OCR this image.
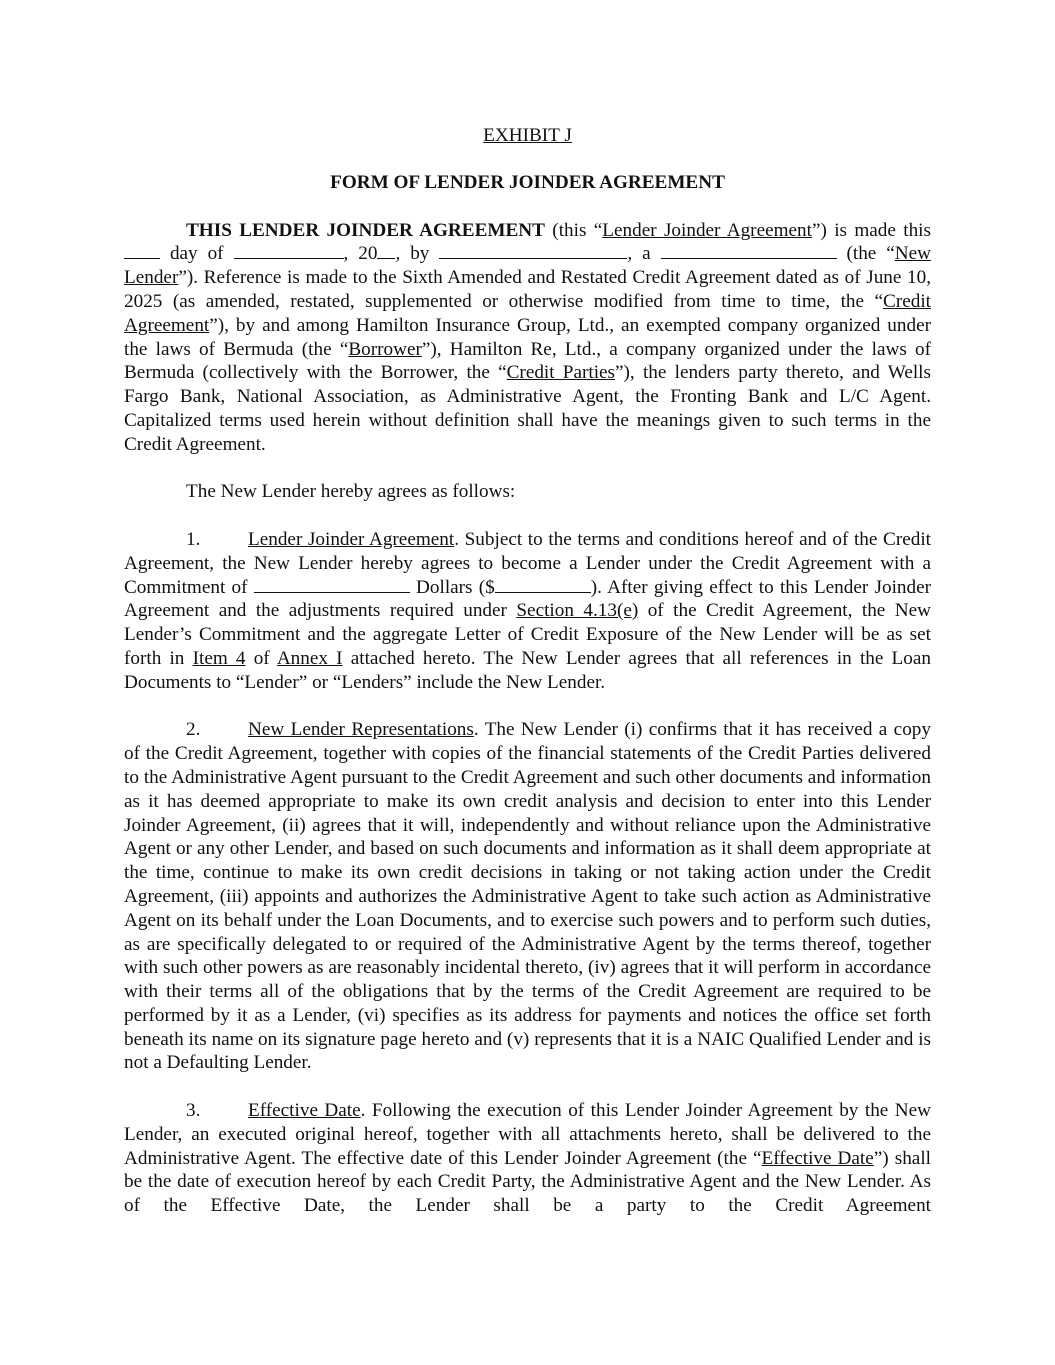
EXHIBIT J

FORM OF LENDER JOINDER AGREEMENT

THIS LENDER JOINDER AGREEMENT (this “Lender Joinder Agreement”) is made this  day of	, 20 , by	, a	(the “New Lender”). Reference is made to the Sixth Amended and Restated Credit Agreement dated as of June 10, 2025 (as amended, restated, supplemented or otherwise modified from time to time, the “Credit Agreement”), by and among Hamilton Insurance Group, Ltd., an exempted company organized under the laws of Bermuda (the “Borrower”), Hamilton Re, Ltd., a company organized under the laws of Bermuda (collectively with the Borrower, the “Credit Parties”), the lenders party thereto, and Wells Fargo Bank, National Association, as Administrative Agent, the Fronting Bank and L/C Agent. Capitalized terms used herein without definition shall have the meanings given to such terms in the Credit Agreement.

The New Lender hereby agrees as follows:

1. Lender Joinder Agreement. Subject to the terms and conditions hereof and of the Credit Agreement, the New Lender hereby agrees to become a Lender under the Credit Agreement with a Commitment of	Dollars ($	). After giving effect to this Lender Joinder Agreement and the adjustments required under Section 4.13(e) of the Credit Agreement, the New Lender’s Commitment and the aggregate Letter of Credit Exposure of the New Lender will be as set forth in Item 4 of Annex I attached hereto. The New Lender agrees that all references in the Loan Documents to “Lender” or “Lenders” include the New Lender.

2. New Lender Representations. The New Lender (i) confirms that it has received a copy of the Credit Agreement, together with copies of the financial statements of the Credit Parties delivered to the Administrative Agent pursuant to the Credit Agreement and such other documents and information as it has deemed appropriate to make its own credit analysis and decision to enter into this Lender Joinder Agreement, (ii) agrees that it will, independently and without reliance upon the Administrative Agent or any other Lender, and based on such documents and information as it shall deem appropriate at the time, continue to make its own credit decisions in taking or not taking action under the Credit Agreement, (iii) appoints and authorizes the Administrative Agent to take such action as Administrative Agent on its behalf under the Loan Documents, and to exercise such powers and to perform such duties, as are specifically delegated to or required of the Administrative Agent by the terms thereof, together with such other powers as are reasonably incidental thereto, (iv) agrees that it will perform in accordance with their terms all of the obligations that by the terms of the Credit Agreement are required to be performed by it as a Lender, (vi) specifies as its address for payments and notices the office set forth beneath its name on its signature page hereto and (v) represents that it is a NAIC Qualified Lender and is not a Defaulting Lender.

3. Effective Date. Following the execution of this Lender Joinder Agreement by the New Lender, an executed original hereof, together with all attachments hereto, shall be delivered to the Administrative Agent. The effective date of this Lender Joinder Agreement (the “Effective Date”) shall be the date of execution hereof by each Credit Party, the Administrative Agent and the New Lender. As of the Effective Date, the Lender shall be a party to the Credit Agreement
